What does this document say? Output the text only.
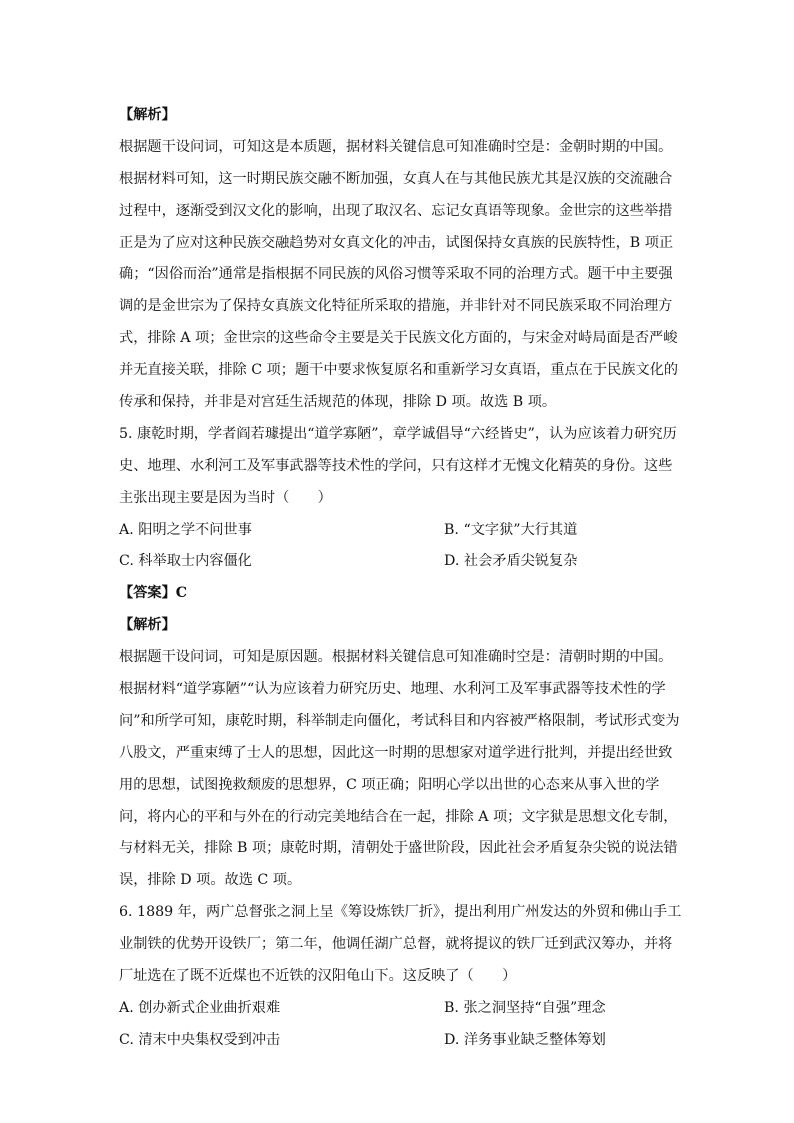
【解析】
根据题干设问词，可知这是本质题，据材料关键信息可知准确时空是：金朝时期的中国。
根据材料可知，这一时期民族交融不断加强，女真人在与其他民族尤其是汉族的交流融合
过程中，逐渐受到汉文化的影响，出现了取汉名、忘记女真语等现象。金世宗的这些举措
正是为了应对这种民族交融趋势对女真文化的冲击，试图保持女真族的民族特性，B 项正
确；“因俗而治”通常是指根据不同民族的风俗习惯等采取不同的治理方式。题干中主要强
调的是金世宗为了保持女真族文化特征所采取的措施，并非针对不同民族采取不同治理方
式，排除 A 项；金世宗的这些命令主要是关于民族文化方面的，与宋金对峙局面是否严峻
并无直接关联，排除 C 项；题干中要求恢复原名和重新学习女真语，重点在于民族文化的
传承和保持，并非是对宫廷生活规范的体现，排除 D 项。故选 B 项。
5. 康乾时期，学者阎若璩提出“道学寡陋”，章学诚倡导“六经皆史”，认为应该着力研究历
史、地理、水利河工及军事武器等技术性的学问，只有这样才无愧文化精英的身份。这些
主张出现主要是因为当时（　　）
A. 阳明之学不问世事	B. “文字狱”大行其道
C. 科举取士内容僵化	D. 社会矛盾尖锐复杂
【答案】C
【解析】
根据题干设问词，可知是原因题。根据材料关键信息可知准确时空是：清朝时期的中国。
根据材料“道学寡陋”“认为应该着力研究历史、地理、水利河工及军事武器等技术性的学
问”和所学可知，康乾时期，科举制走向僵化，考试科目和内容被严格限制，考试形式变为
八股文，严重束缚了士人的思想，因此这一时期的思想家对道学进行批判，并提出经世致
用的思想，试图挽救颓废的思想界，C 项正确；阳明心学以出世的心态来从事入世的学
问，将内心的平和与外在的行动完美地结合在一起，排除 A 项；文字狱是思想文化专制，
与材料无关，排除 B 项；康乾时期，清朝处于盛世阶段，因此社会矛盾复杂尖锐的说法错
误，排除 D 项。故选 C 项。
6. 1889 年，两广总督张之洞上呈《筹设炼铁厂折》，提出利用广州发达的外贸和佛山手工
业制铁的优势开设铁厂；第二年，他调任湖广总督，就将提议的铁厂迁到武汉筹办，并将
厂址选在了既不近煤也不近铁的汉阳龟山下。这反映了（　　）
A. 创办新式企业曲折艰难	B. 张之洞坚持“自强”理念
C. 清末中央集权受到冲击	D. 洋务事业缺乏整体筹划
